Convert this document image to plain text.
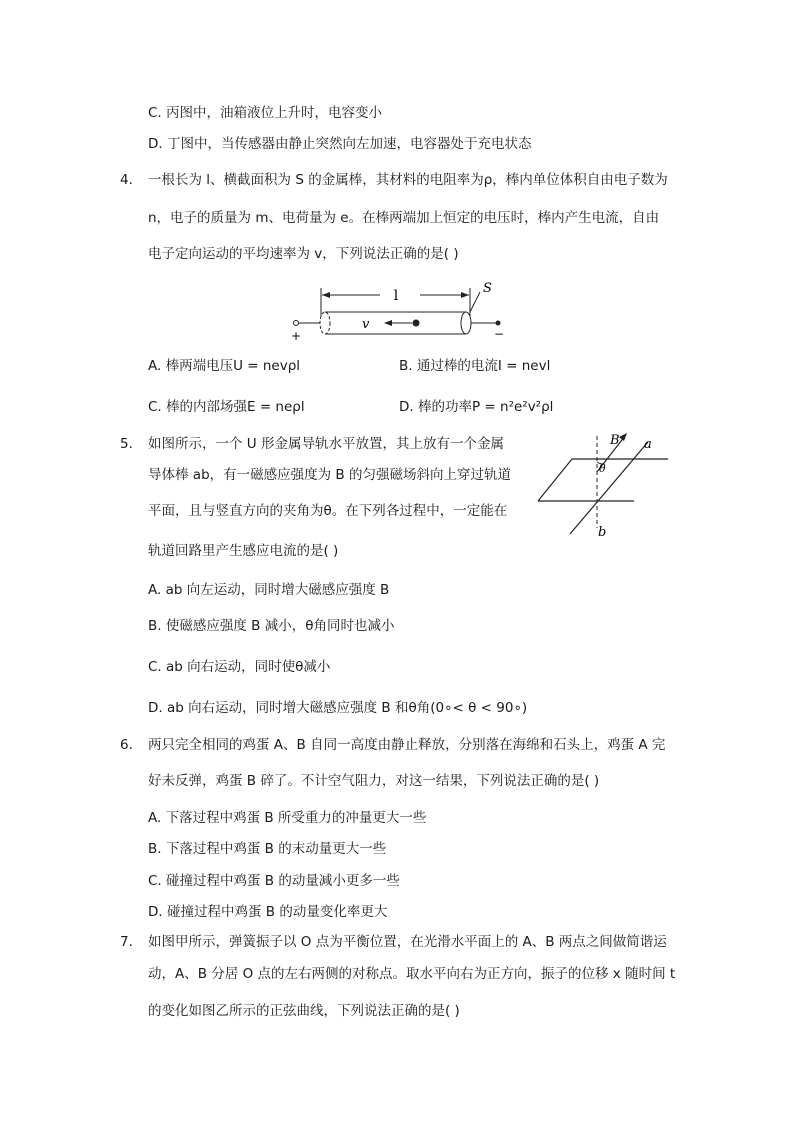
C. 丙图中，油箱液位上升时，电容变小
D. 丁图中，当传感器由静止突然向左加速，电容器处于充电状态
4. 一根长为 l、横截面积为 S 的金属棒，其材料的电阻率为ρ，棒内单位体积自由电子数为
n，电子的质量为 m、电荷量为 e。在棒两端加上恒定的电压时，棒内产生电流，自由
电子定向运动的平均速率为 v，下列说法正确的是( )
l
+	−
v
S
A. 棒两端电压U = nevρl	B. 通过棒的电流I = nevl
C. 棒的内部场强E = neρl	D. 棒的功率P = n²e²v²ρl
5. 如图所示，一个 U 形金属导轨水平放置，其上放有一个金属
导体棒 ab，有一磁感应强度为 B 的匀强磁场斜向上穿过轨道
平面，且与竖直方向的夹角为θ。在下列各过程中，一定能在
轨道回路里产生感应电流的是( )
B a
b
θ
A. ab 向左运动，同时增大磁感应强度 B
B. 使磁感应强度 B 减小，θ角同时也减小
C. ab 向右运动，同时使θ减小
D. ab 向右运动，同时增大磁感应强度 B 和θ角(0∘< θ < 90∘)
6. 两只完全相同的鸡蛋 A、B 自同一高度由静止释放，分别落在海绵和石头上，鸡蛋 A 完
好未反弹，鸡蛋 B 碎了。不计空气阻力，对这一结果，下列说法正确的是( )
A. 下落过程中鸡蛋 B 所受重力的冲量更大一些
B. 下落过程中鸡蛋 B 的末动量更大一些
C. 碰撞过程中鸡蛋 B 的动量减小更多一些
D. 碰撞过程中鸡蛋 B 的动量变化率更大
7. 如图甲所示，弹簧振子以 O 点为平衡位置，在光滑水平面上的 A、B 两点之间做简谐运
动，A、B 分居 O 点的左右两侧的对称点。取水平向右为正方向，振子的位移 x 随时间 t
的变化如图乙所示的正弦曲线，下列说法正确的是( )
